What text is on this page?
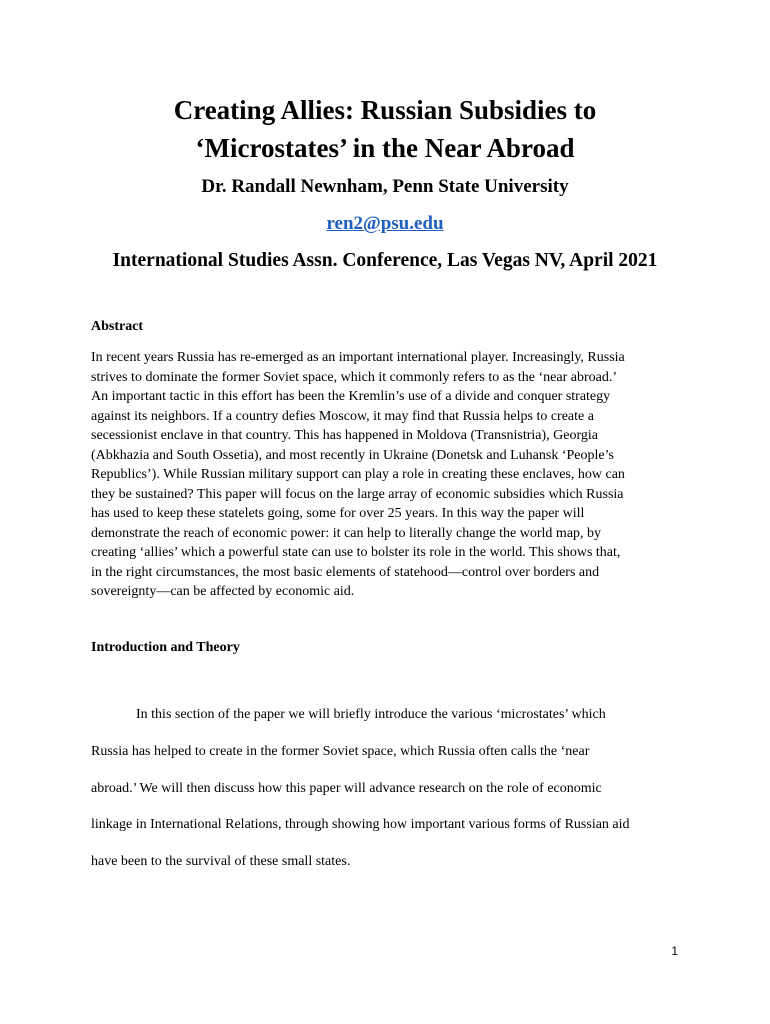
Creating Allies: Russian Subsidies to
‘Microstates’ in the Near Abroad
Dr. Randall Newnham, Penn State University
ren2@psu.edu
International Studies Assn. Conference, Las Vegas NV, April 2021
Abstract
In recent years Russia has re-emerged as an important international player. Increasingly, Russia
strives to dominate the former Soviet space, which it commonly refers to as the ‘near abroad.’
An important tactic in this effort has been the Kremlin’s use of a divide and conquer strategy
against its neighbors. If a country defies Moscow, it may find that Russia helps to create a
secessionist enclave in that country. This has happened in Moldova (Transnistria), Georgia
(Abkhazia and South Ossetia), and most recently in Ukraine (Donetsk and Luhansk ‘People’s
Republics’). While Russian military support can play a role in creating these enclaves, how can
they be sustained? This paper will focus on the large array of economic subsidies which Russia
has used to keep these statelets going, some for over 25 years. In this way the paper will
demonstrate the reach of economic power: it can help to literally change the world map, by
creating ‘allies’ which a powerful state can use to bolster its role in the world. This shows that,
in the right circumstances, the most basic elements of statehood—control over borders and
sovereignty—can be affected by economic aid.
Introduction and Theory
In this section of the paper we will briefly introduce the various ‘microstates’ which
Russia has helped to create in the former Soviet space, which Russia often calls the ‘near
abroad.’ We will then discuss how this paper will advance research on the role of economic
linkage in International Relations, through showing how important various forms of Russian aid
have been to the survival of these small states.
1
